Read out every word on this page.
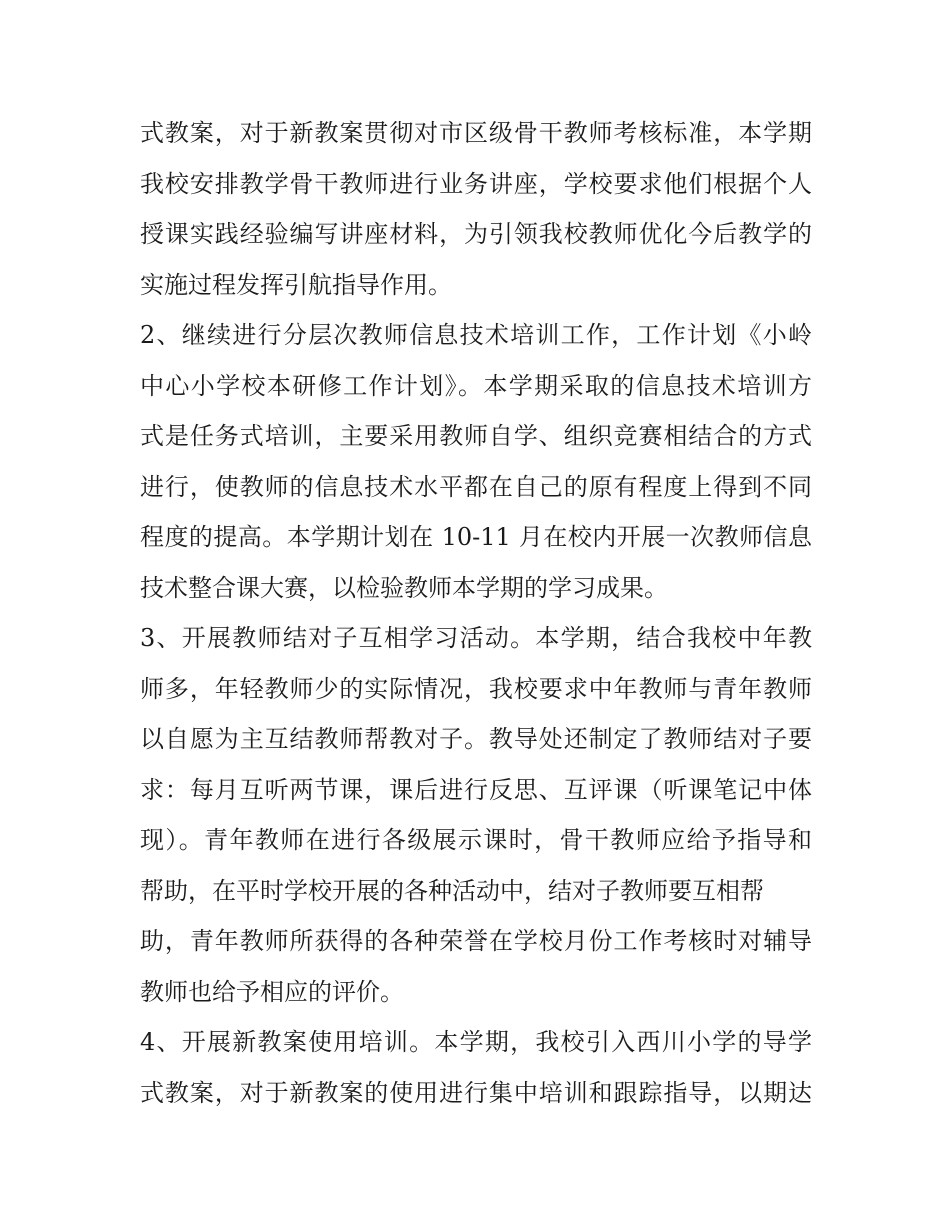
式教案，对于新教案贯彻对市区级骨干教师考核标准，本学期
我校安排教学骨干教师进行业务讲座，学校要求他们根据个人
授课实践经验编写讲座材料，为引领我校教师优化今后教学的
实施过程发挥引航指导作用。
2、继续进行分层次教师信息技术培训工作，工作计划《小岭
中心小学校本研修工作计划》。本学期采取的信息技术培训方
式是任务式培训，主要采用教师自学、组织竞赛相结合的方式
进行，使教师的信息技术水平都在自己的原有程度上得到不同
程度的提高。本学期计划在 10-11 月在校内开展一次教师信息
技术整合课大赛，以检验教师本学期的学习成果。
3、开展教师结对子互相学习活动。本学期，结合我校中年教
师多，年轻教师少的实际情况，我校要求中年教师与青年教师
以自愿为主互结教师帮教对子。教导处还制定了教师结对子要
求：每月互听两节课，课后进行反思、互评课（听课笔记中体
现）。青年教师在进行各级展示课时，骨干教师应给予指导和
帮助，在平时学校开展的各种活动中，结对子教师要互相帮
助，青年教师所获得的各种荣誉在学校月份工作考核时对辅导
教师也给予相应的评价。
4、开展新教案使用培训。本学期，我校引入西川小学的导学
式教案，对于新教案的使用进行集中培训和跟踪指导，以期达
